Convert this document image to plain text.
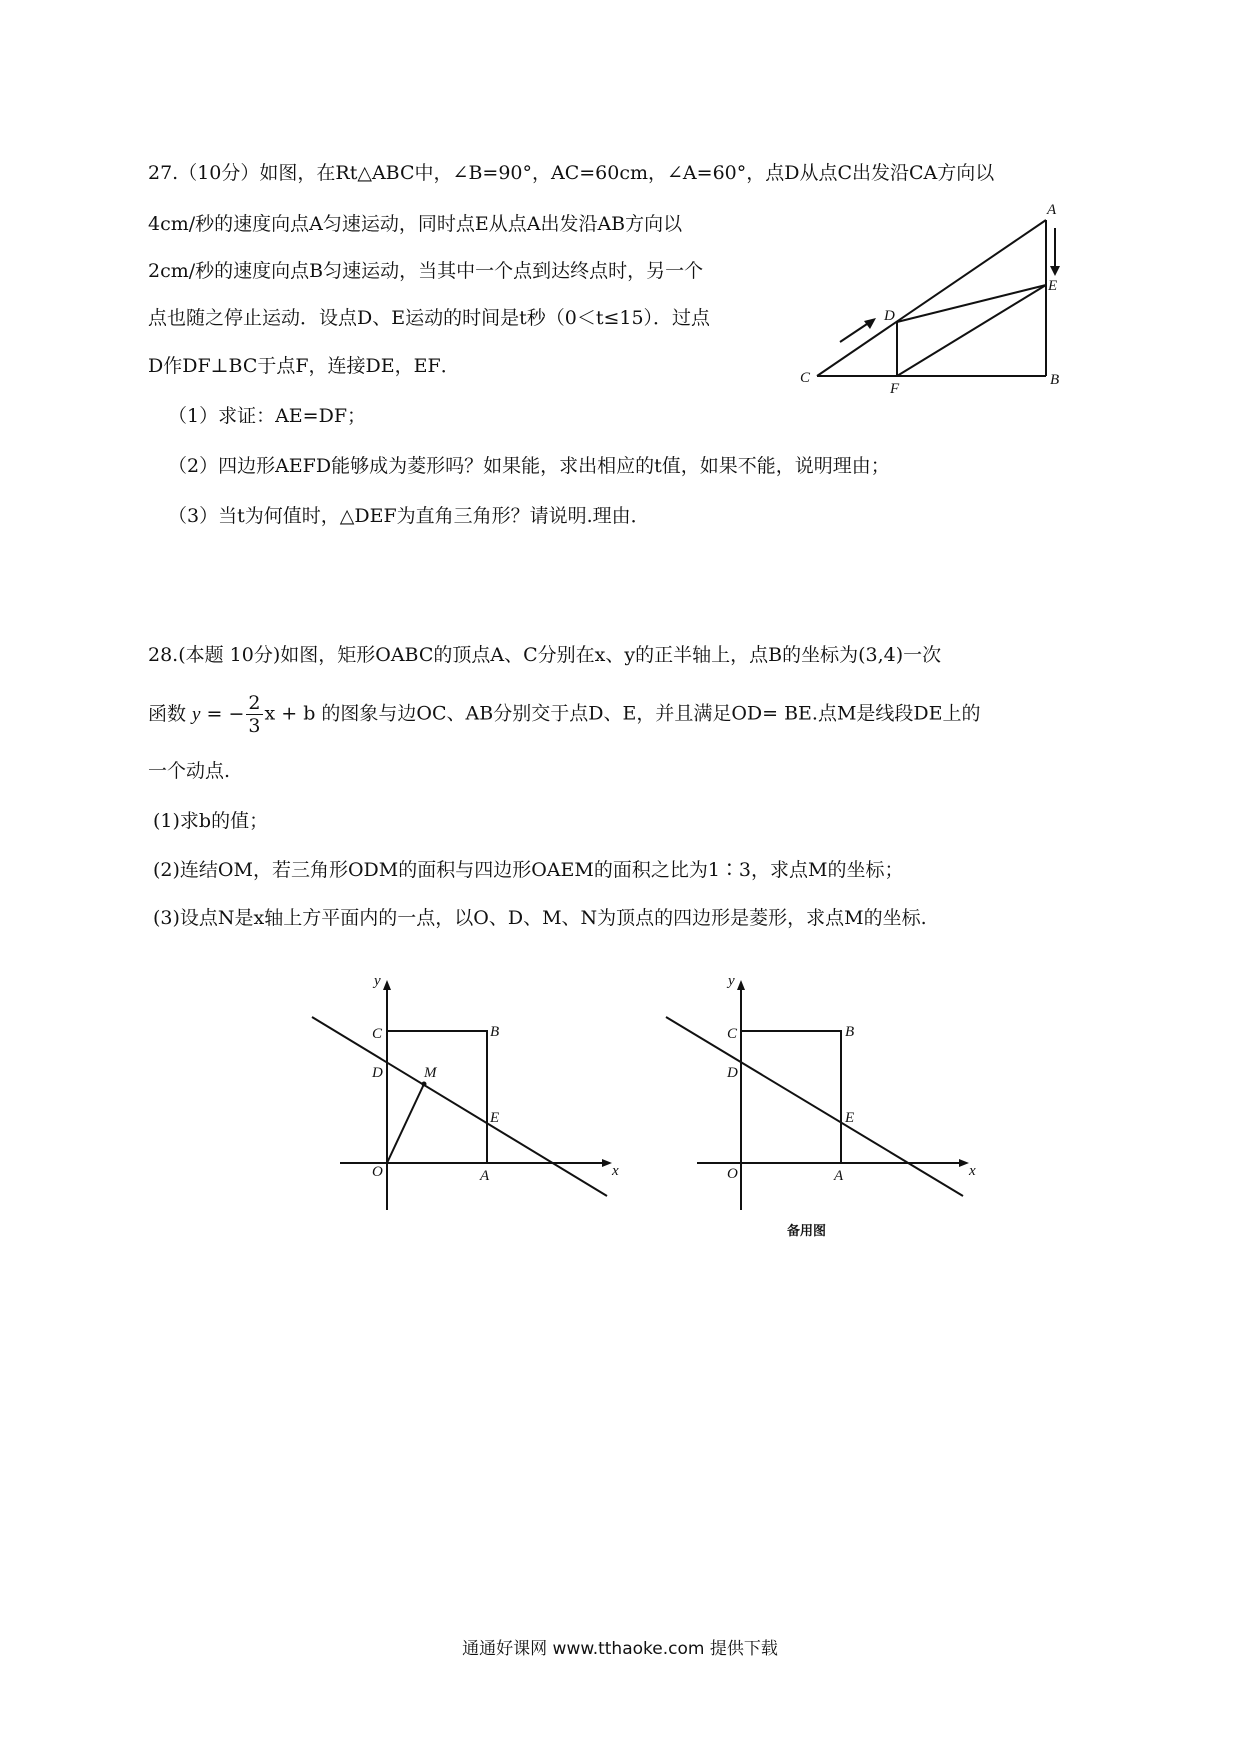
27.（10分）如图，在Rt△ABC中，∠B=90°，AC=60cm，∠A=60°，点D从点C出发沿CA方向以
4cm/秒的速度向点A匀速运动，同时点E从点A出发沿AB方向以
2cm/秒的速度向点B匀速运动，当其中一个点到达终点时，另一个
点也随之停止运动．设点D、E运动的时间是t秒（0＜t≤15）．过点
D作DF⊥BC于点F，连接DE，EF．
（1）求证：AE=DF；
（2）四边形AEFD能够成为菱形吗？如果能，求出相应的t值，如果不能，说明理由；
（3）当t为何值时，△DEF为直角三角形？请说明.理由．
A
B
C
D
E
F
28.(本题 10分)如图，矩形OABC的顶点A、C分别在x、y的正半轴上，点B的坐标为(3,4)一次
函数 y = − $\frac{2}{3}$ x + b 的图象与边OC、AB分别交于点D、E，并且满足OD= BE.点M是线段DE上的
一个动点.
(1)求b的值；
(2)连结OM，若三角形ODM的面积与四边形OAEM的面积之比为1∶3，求点M的坐标；
(3)设点N是x轴上方平面内的一点，以O、D、M、N为顶点的四边形是菱形，求点M的坐标.
y
x
O	A
B
C
D
E
M
y
x
O	A
B
C
D
E
备用图
通通好课网 www.tthaoke.com 提供下载
